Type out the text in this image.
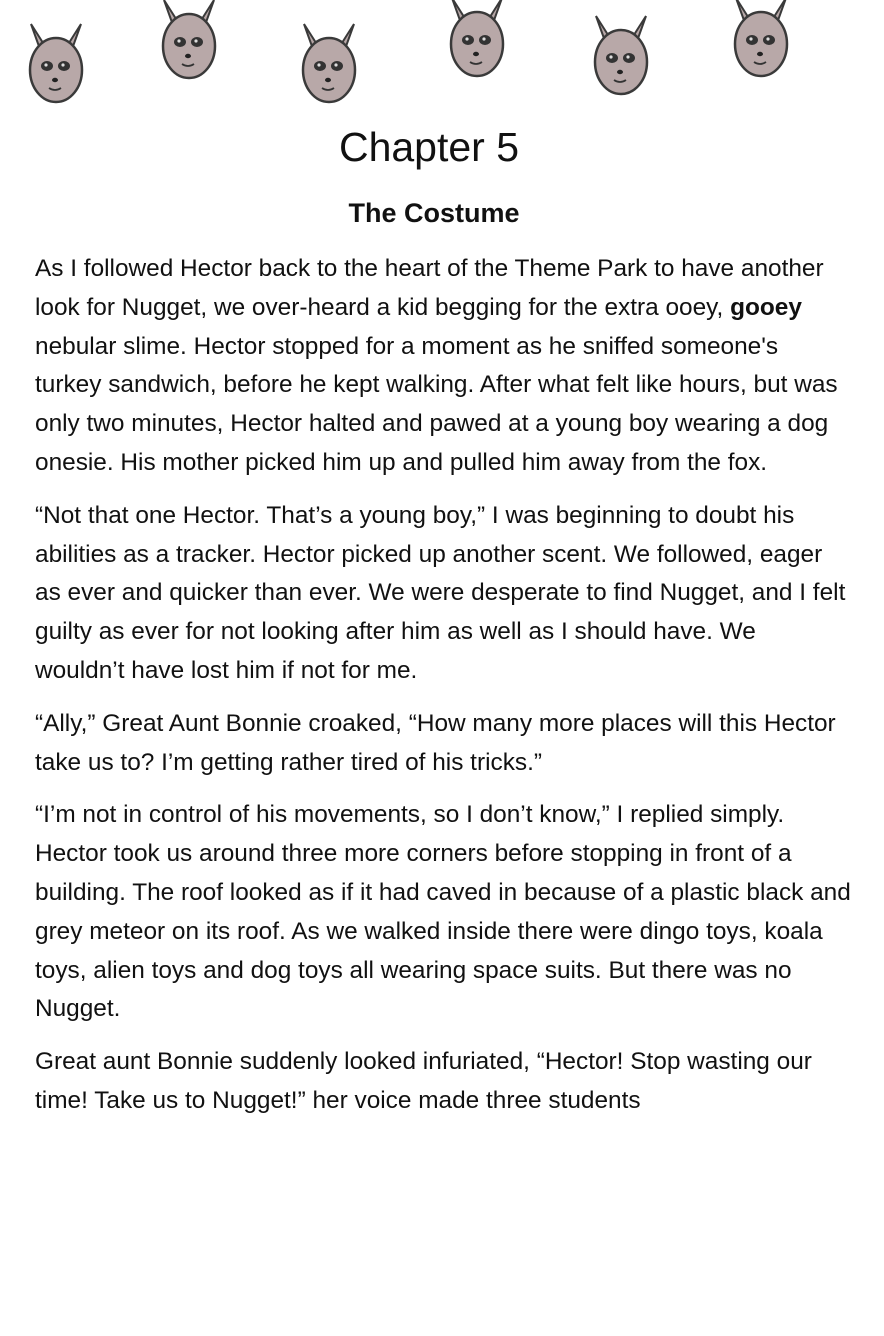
Chapter 5
The Costume

As I followed Hector back to the heart of the Theme Park to have another look for Nugget, we over-heard a kid begging for the extra ooey, gooey nebular slime. Hector stopped for a moment as he sniffed someone's turkey sandwich, before he kept walking. After what felt like hours, but was only two minutes, Hector halted and pawed at a young boy wearing a dog onesie. His mother picked him up and pulled him away from the fox.

“Not that one Hector. That’s a young boy,” I was beginning to doubt his abilities as a tracker. Hector picked up another scent. We followed, eager as ever and quicker than ever. We were desperate to find Nugget, and I felt guilty as ever for not looking after him as well as I should have. We wouldn’t have lost him if not for me.

“Ally,” Great Aunt Bonnie croaked, “How many more places will this Hector take us to? I’m getting rather tired of his tricks.”

“I’m not in control of his movements, so I don’t know,” I replied simply. Hector took us around three more corners before stopping in front of a building. The roof looked as if it had caved in because of a plastic black and grey meteor on its roof. As we walked inside there were dingo toys, koala toys, alien toys and dog toys all wearing space suits. But there was no Nugget.

Great aunt Bonnie suddenly looked infuriated, “Hector! Stop wasting our time! Take us to Nugget!” her voice made three students
